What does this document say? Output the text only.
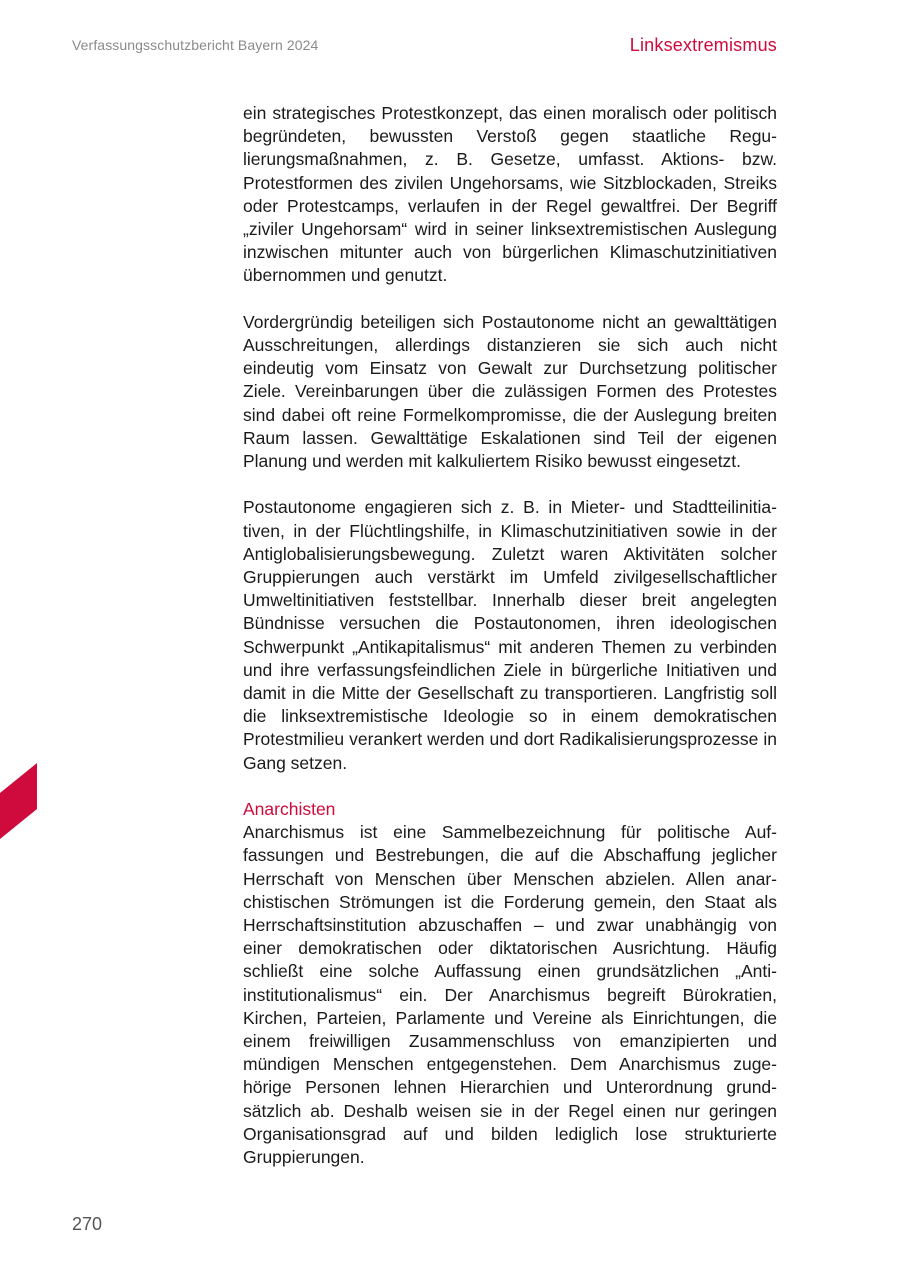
Verfassungsschutzbericht Bayern 2024	Linksextremismus

ein strategisches Protestkonzept, das einen moralisch oder politisch begründeten, bewussten Verstoß gegen staatliche Regulierungsmaßnahmen, z. B. Gesetze, umfasst. Aktions- bzw. Protestformen des zivilen Ungehorsams, wie Sitzblockaden, Streiks oder Protestcamps, verlaufen in der Regel gewaltfrei. Der Begriff „ziviler Ungehorsam“ wird in seiner linksextremistischen Auslegung inzwischen mitunter auch von bürgerlichen Klimaschutzinitiativen übernommen und genutzt.

Vordergründig beteiligen sich Postautonome nicht an gewalttätigen Ausschreitungen, allerdings distanzieren sie sich auch nicht eindeutig vom Einsatz von Gewalt zur Durchsetzung politischer Ziele. Vereinbarungen über die zulässigen Formen des Protestes sind dabei oft reine Formelkompromisse, die der Auslegung breiten Raum lassen. Gewalttätige Eskalationen sind Teil der eigenen Planung und werden mit kalkuliertem Risiko bewusst eingesetzt.

Postautonome engagieren sich z. B. in Mieter- und Stadtteilinitiativen, in der Flüchtlingshilfe, in Klimaschutzinitiativen sowie in der Antiglobalisierungsbewegung. Zuletzt waren Aktivitäten solcher Gruppierungen auch verstärkt im Umfeld zivilgesellschaftlicher Umweltinitiativen feststellbar. Innerhalb dieser breit angelegten Bündnisse versuchen die Postautonomen, ihren ideologischen Schwerpunkt „Antikapitalismus“ mit anderen Themen zu verbinden und ihre verfassungsfeindlichen Ziele in bürgerliche Initiativen und damit in die Mitte der Gesellschaft zu transportieren. Langfristig soll die linksextremistische Ideologie so in einem demokratischen Protestmilieu verankert werden und dort Radikalisierungsprozesse in Gang setzen.

Anarchisten

Anarchismus ist eine Sammelbezeichnung für politische Auffassungen und Bestrebungen, die auf die Abschaffung jeglicher Herrschaft von Menschen über Menschen abzielen. Allen anarchistischen Strömungen ist die Forderung gemein, den Staat als Herrschaftsinstitution abzuschaffen – und zwar unabhängig von einer demokratischen oder diktatorischen Ausrichtung. Häufig schließt eine solche Auffassung einen grundsätzlichen „Antiinstitutionalismus“ ein. Der Anarchismus begreift Bürokratien, Kirchen, Parteien, Parlamente und Vereine als Einrichtungen, die einem freiwilligen Zusammenschluss von emanzipierten und mündigen Menschen entgegenstehen. Dem Anarchismus zugehörige Personen lehnen Hierarchien und Unterordnung grundsätzlich ab. Deshalb weisen sie in der Regel einen nur geringen Organisationsgrad auf und bilden lediglich lose strukturierte Gruppierungen.

270
